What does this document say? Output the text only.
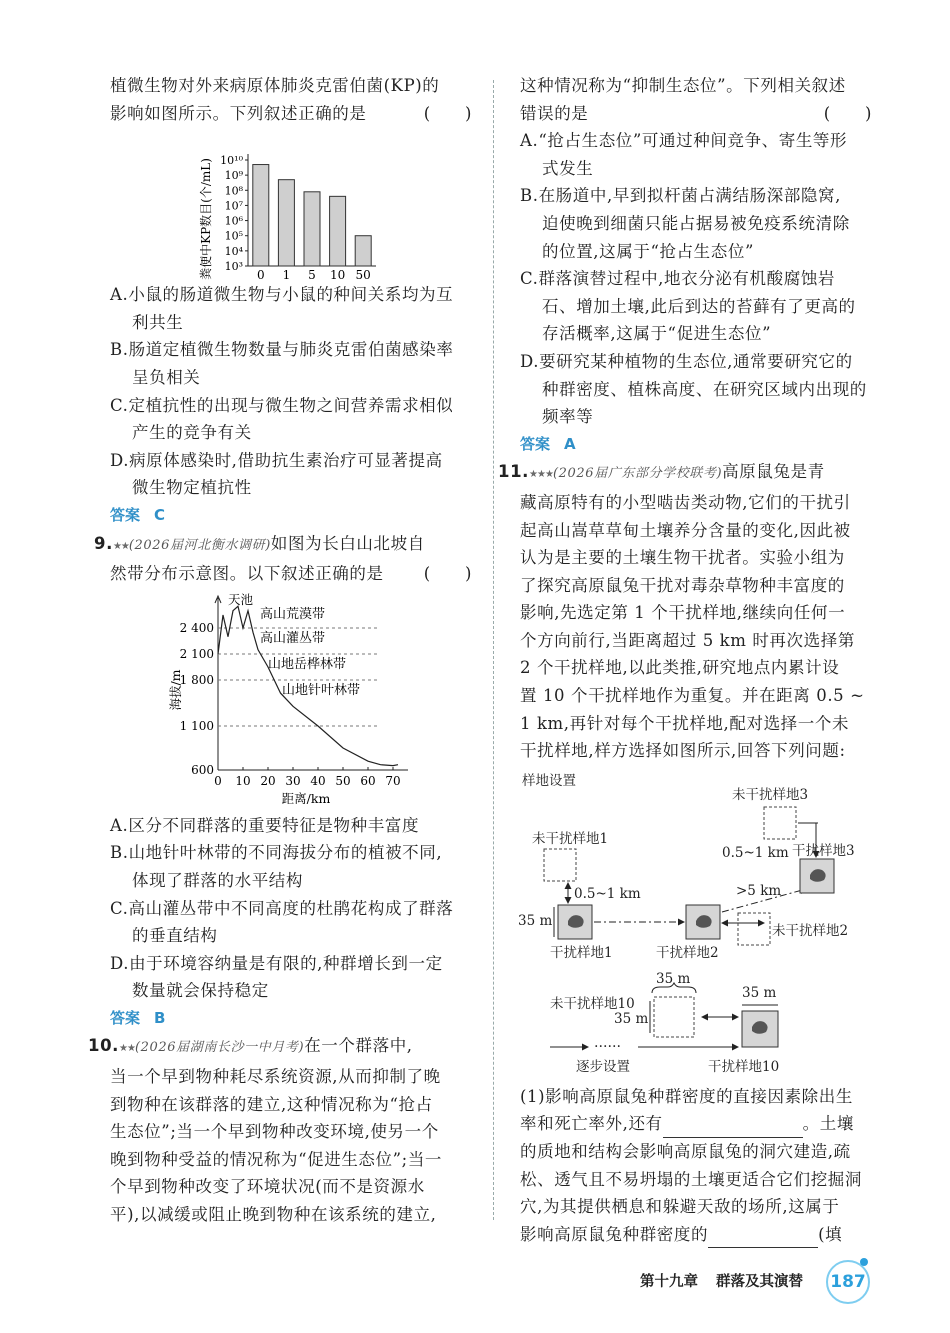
植微生物对外来病原体肺炎克雷伯菌(KP)的

影响如图所示。下列叙述正确的是	(　　)

10¹⁰
10⁹
10⁸
10⁷
10⁶
10⁵
10⁴
10³
0 1 5 10 50
粪便中KP数目(个/mL)

A.小鼠的肠道微生物与小鼠的种间关系均为互
利共生

B.肠道定植微生物数量与肺炎克雷伯菌感染率
呈负相关

C.定植抗性的出现与微生物之间营养需求相似
产生的竞争有关

D.病原体感染时,借助抗生素治疗可显著提高
微生物定植抗性

答案 C

9.★★(2026届河北衡水调研)如图为长白山北坡自

然带分布示意图。以下叙述正确的是 (　　)

2 400
2 100
1 800
1 100
600
0 10 20 30 40 50 60 70
天池
高山荒漠带
高山灌丛带
山地岳桦林带
山地针叶林带
距离/km
海拔/m

A.区分不同群落的重要特征是物种丰富度

B.山地针叶林带的不同海拔分布的植被不同,
体现了群落的水平结构

C.高山灌丛带中不同高度的杜鹃花构成了群落
的垂直结构

D.由于环境容纳量是有限的,种群增长到一定
数量就会保持稳定

答案 B

10.★★(2026届湖南长沙一中月考)在一个群落中,

当一个早到物种耗尽系统资源,从而抑制了晚

到物种在该群落的建立,这种情况称为“抢占

生态位”;当一个早到物种改变环境,使另一个

晚到物种受益的情况称为“促进生态位”;当一

个早到物种改变了环境状况(而不是资源水

平),以减缓或阻止晚到物种在该系统的建立,

这种情况称为“抑制生态位”。下列相关叙述

错误的是	(　　)

A.“抢占生态位”可通过种间竞争、寄生等形
式发生

B.在肠道中,早到拟杆菌占满结肠深部隐窝,
迫使晚到细菌只能占据易被免疫系统清除
的位置,这属于“抢占生态位”

C.群落演替过程中,地衣分泌有机酸腐蚀岩
石、增加土壤,此后到达的苔藓有了更高的
存活概率,这属于“促进生态位”

D.要研究某种植物的生态位,通常要研究它的
种群密度、植株高度、在研究区域内出现的
频率等

答案 A

11.★★★(2026届广东部分学校联考)高原鼠兔是青

藏高原特有的小型啮齿类动物,它们的干扰引

起高山嵩草草甸土壤养分含量的变化,因此被

认为是主要的土壤生物干扰者。实验小组为

了探究高原鼠兔干扰对毒杂草物种丰富度的

影响,先选定第 1 个干扰样地,继续向任何一

个方向前行,当距离超过 5 km 时再次选择第

2 个干扰样地,以此类推,研究地点内累计设

置 10 个干扰样地作为重复。并在距离 0.5 ~

1 km,再针对每个干扰样地,配对选择一个未

干扰样地,样方选择如图所示,回答下列问题:

样地设置
未干扰样地1
0.5~1 km
35 m
干扰样地1	干扰样地2
未干扰样地2
>5 km
未干扰样地3
0.5~1 km 干扰样地3
未干扰样地10
35 m
35 m
35 m
……
逐步设置	干扰样地10

(1)影响高原鼠兔种群密度的直接因素除出生

率和死亡率外,还有	。土壤

的质地和结构会影响高原鼠兔的洞穴建造,疏

松、透气且不易坍塌的土壤更适合它们挖掘洞

穴,为其提供栖息和躲避天敌的场所,这属于

影响高原鼠兔种群密度的	(填

第十九章 群落及其演替	187
